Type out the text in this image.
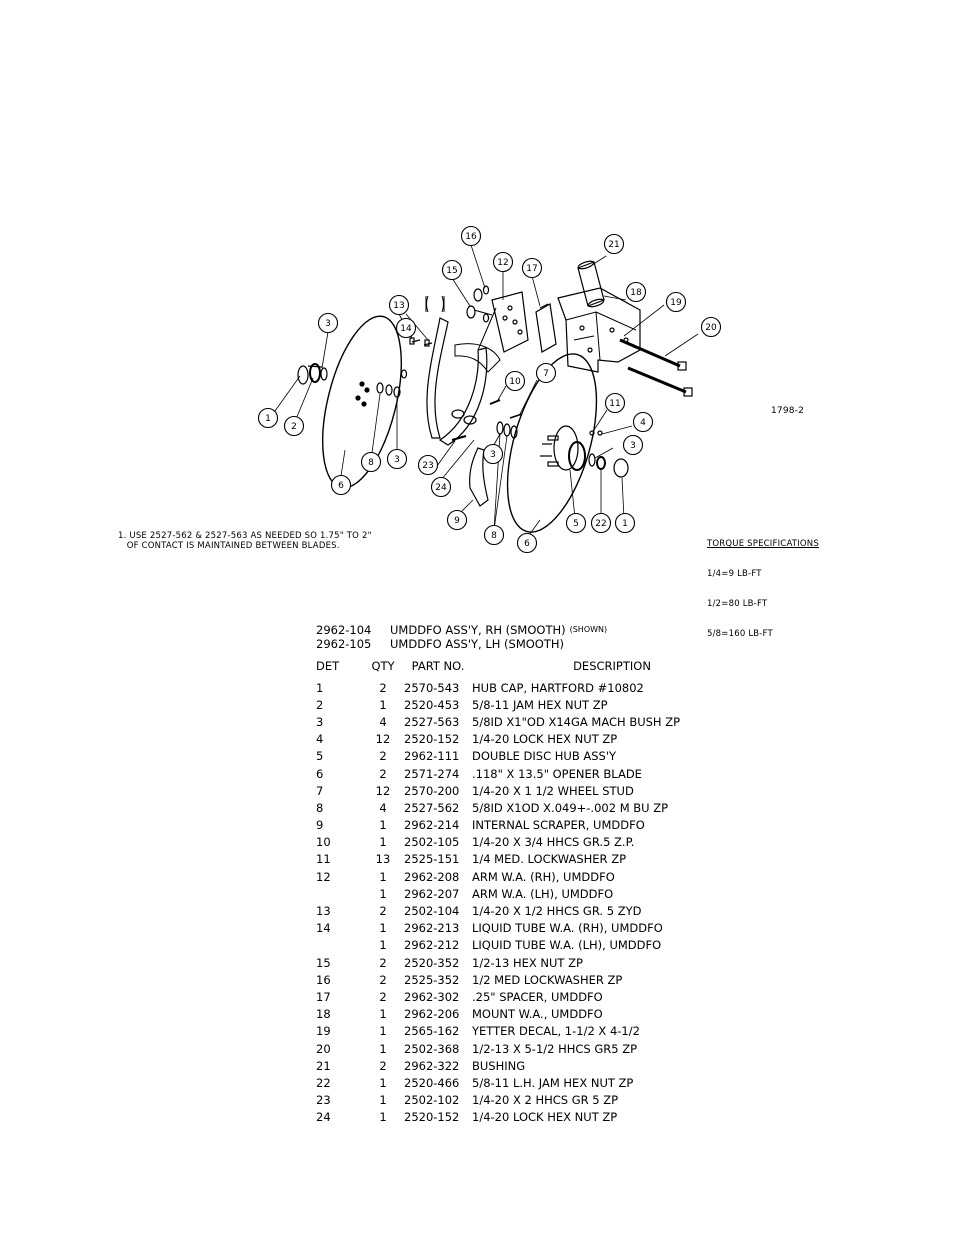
1
2
3
6
8 3
13
14
16
15
12
17
21
18
19
20
7
10
11
4
3
23
24
3
9
8
5 22 1
6
1798-2
1. USE 2527-562 & 2527-563 AS NEEDED SO 1.75" TO 2"
OF CONTACT IS MAINTAINED BETWEEN BLADES.

	TORQUE SPECIFICATIONS

1/4=9 LB-FT

1/2=80 LB-FT

5/8=160 LB-FT

2962-104	UMDDFO ASS'Y, RH (SMOOTH) (SHOWN)
2962-105	UMDDFO ASS'Y, LH (SMOOTH)
DET	QTY	PART NO.	DESCRIPTION
1	2	2570-543	HUB CAP, HARTFORD #10802
2	1	2520-453	5/8-11 JAM HEX NUT ZP
3	4	2527-563	5/8ID X1"OD X14GA MACH BUSH ZP
4	12	2520-152	1/4-20 LOCK HEX NUT ZP
5	2	2962-111	DOUBLE DISC HUB ASS'Y
6	2	2571-274	.118" X 13.5" OPENER BLADE
7	12	2570-200	1/4-20 X 1 1/2 WHEEL STUD
8	4	2527-562	5/8ID X1OD X.049+-.002 M BU ZP
9	1	2962-214	INTERNAL SCRAPER, UMDDFO
10	1	2502-105	1/4-20 X 3/4 HHCS GR.5 Z.P.
11	13	2525-151	1/4 MED. LOCKWASHER ZP
12	1	2962-208	ARM W.A. (RH), UMDDFO
	1	2962-207	ARM W.A. (LH), UMDDFO
13	2	2502-104	1/4-20 X 1/2 HHCS GR. 5 ZYD
14	1	2962-213	LIQUID TUBE W.A. (RH), UMDDFO
	1	2962-212	LIQUID TUBE W.A. (LH), UMDDFO
15	2	2520-352	1/2-13 HEX NUT ZP
16	2	2525-352	1/2 MED LOCKWASHER ZP
17	2	2962-302	.25" SPACER, UMDDFO
18	1	2962-206	MOUNT W.A., UMDDFO
19	1	2565-162	YETTER DECAL, 1-1/2 X 4-1/2
20	1	2502-368	1/2-13 X 5-1/2 HHCS GR5 ZP
21	2	2962-322	BUSHING
22	1	2520-466	5/8-11 L.H. JAM HEX NUT ZP
23	1	2502-102	1/4-20 X 2 HHCS GR 5 ZP
24	1	2520-152	1/4-20 LOCK HEX NUT ZP
